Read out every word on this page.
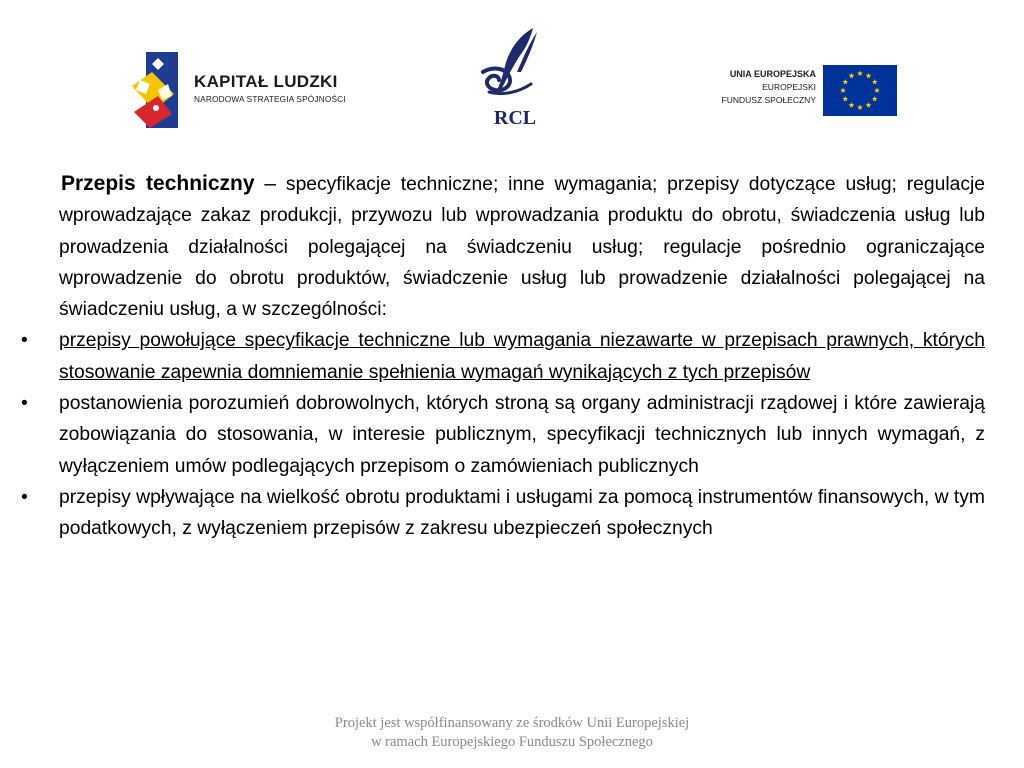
KAPITAŁ LUDZKI
NARODOWA STRATEGIA SPÓJNOŚCI
RCL
UNIA EUROPEJSKA
EUROPEJSKI
FUNDUSZ SPOŁECZNY

Przepis techniczny – specyfikacje techniczne; inne wymagania; przepisy dotyczące usług; regulacje wprowadzające zakaz produkcji, przywozu lub wprowadzania produktu do obrotu, świadczenia usług lub prowadzenia działalności polegającej na świadczeniu usług; regulacje pośrednio ograniczające wprowadzenie do obrotu produktów, świadczenie usług lub prowadzenie działalności polegającej na świadczeniu usług, a w szczególności:

• przepisy powołujące specyfikacje techniczne lub wymagania niezawarte w przepisach prawnych, których stosowanie zapewnia domniemanie spełnienia wymagań wynikających z tych przepisów
• postanowienia porozumień dobrowolnych, których stroną są organy administracji rządowej i które zawierają zobowiązania do stosowania, w interesie publicznym, specyfikacji technicznych lub innych wymagań, z wyłączeniem umów podlegających przepisom o zamówieniach publicznych
• przepisy wpływające na wielkość obrotu produktami i usługami za pomocą instrumentów finansowych, w tym podatkowych, z wyłączeniem przepisów z zakresu ubezpieczeń społecznych
Projekt jest współfinansowany ze środków Unii Europejskiej
w ramach Europejskiego Funduszu Społecznego
